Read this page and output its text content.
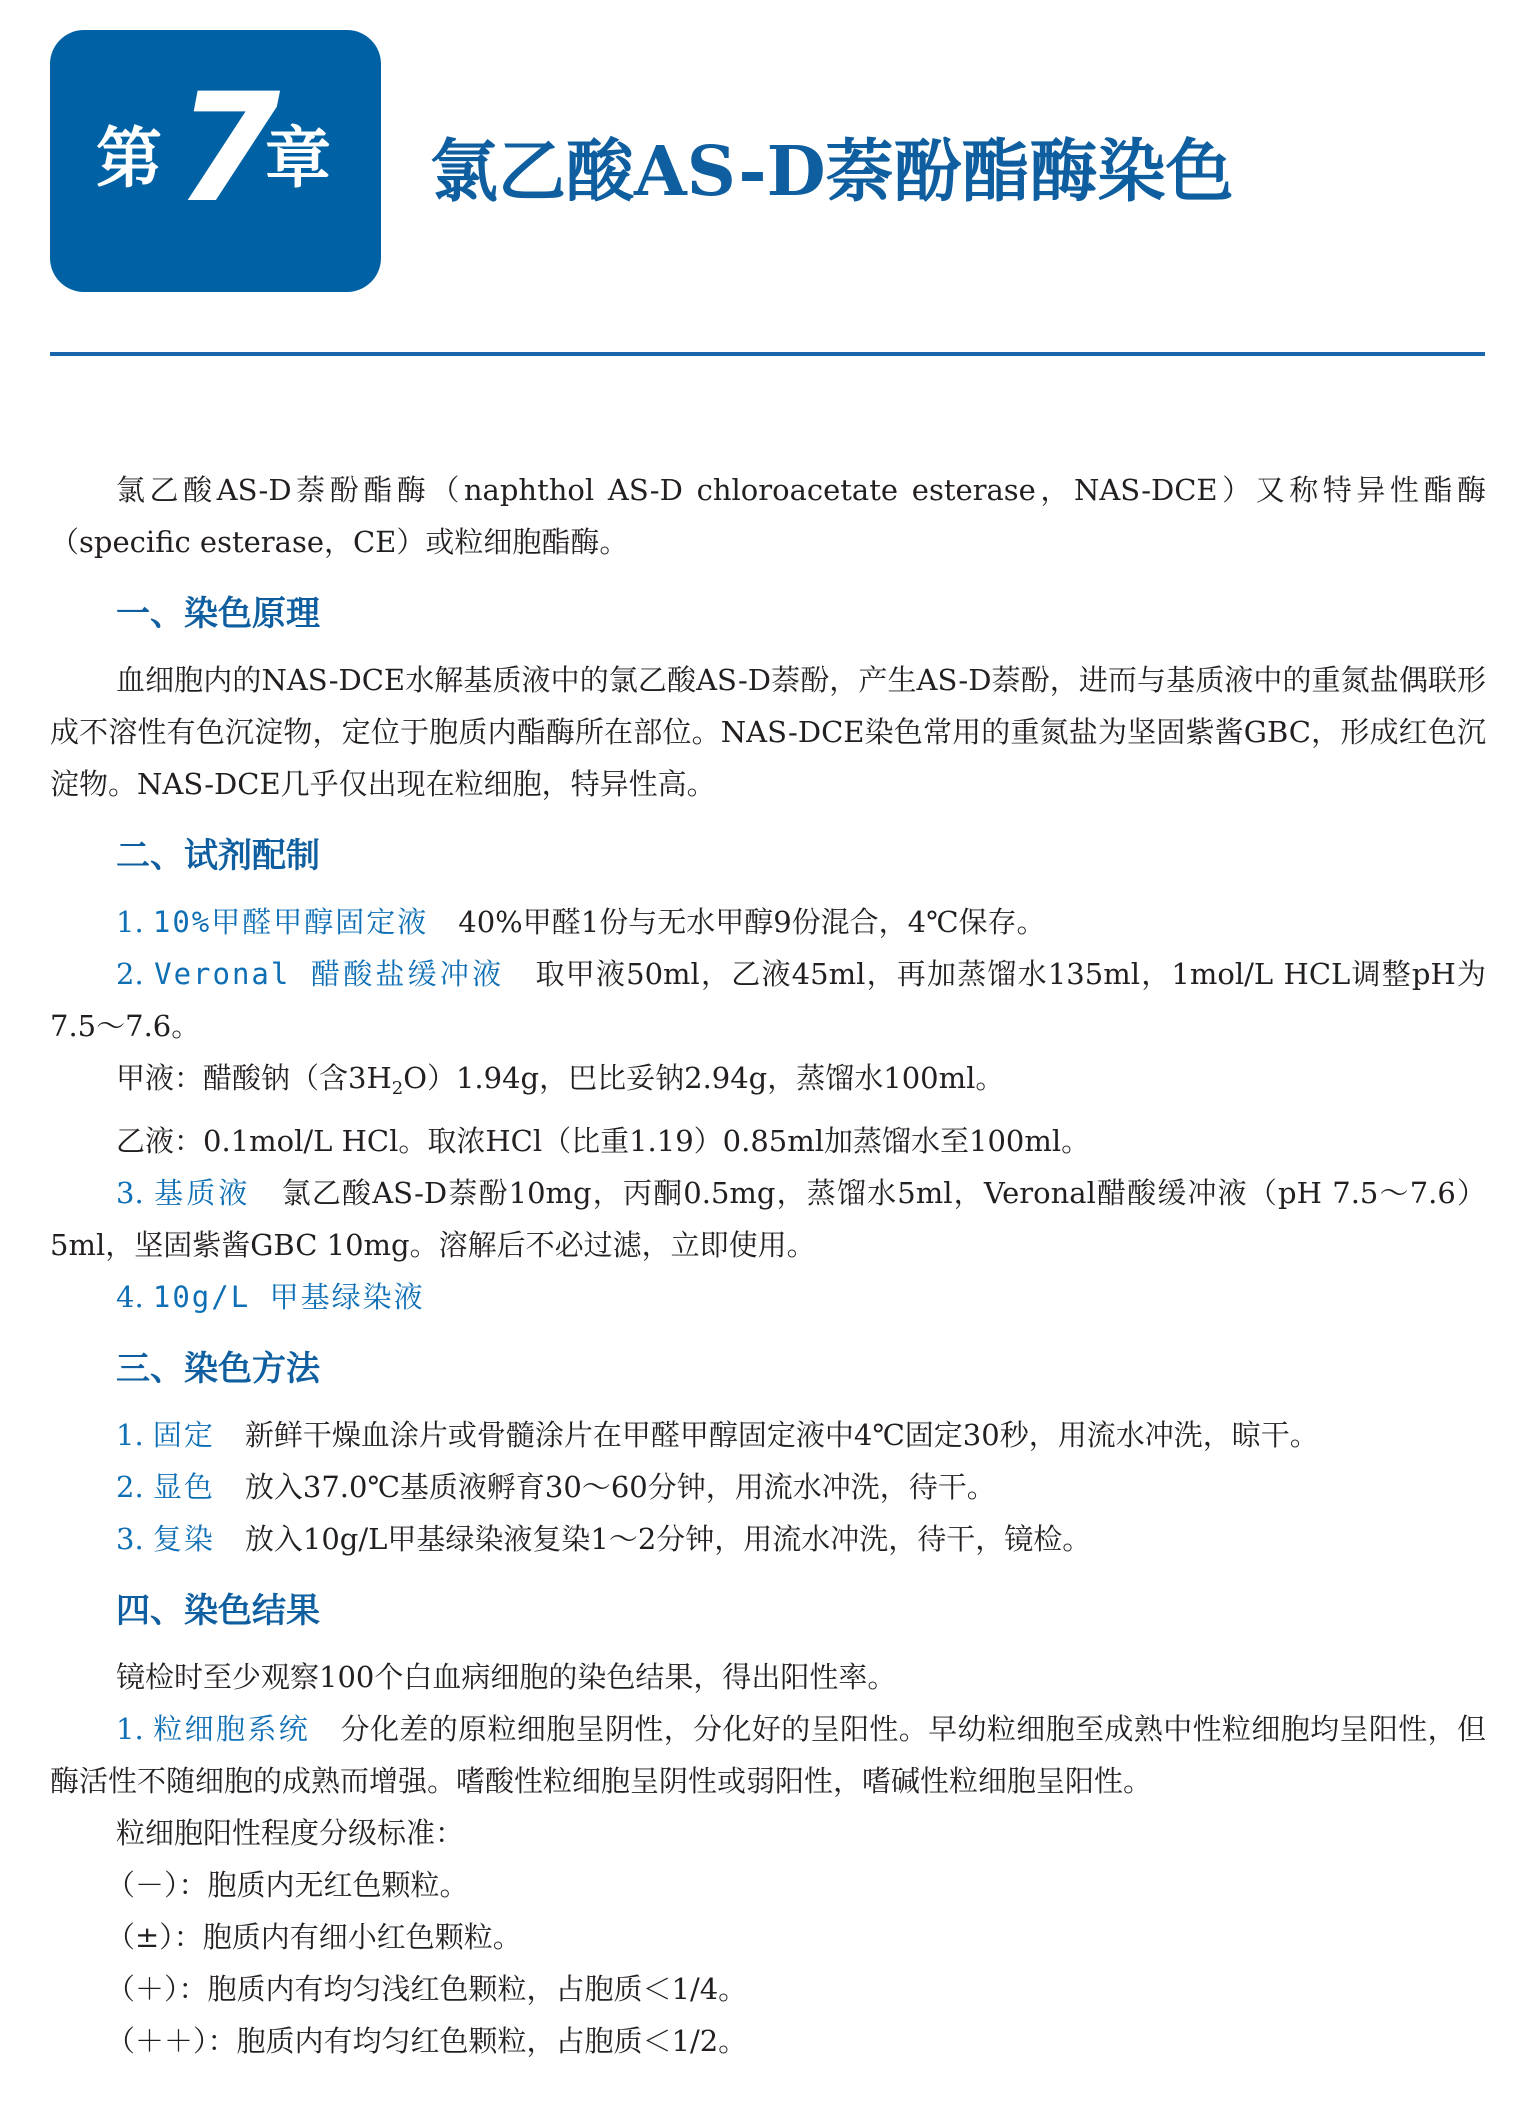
第 7
章 氯乙酸AS-D萘酚酯酶染色

氯乙酸AS-D萘酚酯酶（naphthol AS-D chloroacetate esterase，NAS-DCE）又称特异性酯酶（specific esterase，CE）或粒细胞酯酶。

一、染色原理

血细胞内的NAS-DCE水解基质液中的氯乙酸AS-D萘酚，产生AS-D萘酚，进而与基质液中的重氮盐偶联形成不溶性有色沉淀物，定位于胞质内酯酶所在部位。NAS-DCE染色常用的重氮盐为坚固紫酱GBC，形成红色沉淀物。NAS-DCE几乎仅出现在粒细胞，特异性高。

二、试剂配制

1. 10%甲醛甲醇固定液 40%甲醛1份与无水甲醇9份混合，4℃保存。

2. Veronal 醋酸盐缓冲液 取甲液50ml，乙液45ml，再加蒸馏水135ml，1mol/L HCL调整pH为7.5～7.6。

甲液：醋酸钠（含$3H_2O)1.94g$，巴比妥钠2.94g，蒸馏水100ml。

乙液：0.1mol/L HCl。取浓HCl（比重1.19）0.85ml加蒸馏水至100ml。

3. 基质液 氯乙酸AS-D萘酚10mg，丙酮0.5mg，蒸馏水5ml，Veronal醋酸缓冲液（pH 7.5～7.6）5ml，坚固紫酱GBC 10mg。溶解后不必过滤，立即使用。

4. 10g/L 甲基绿染液

三、染色方法

1. 固定 新鲜干燥血涂片或骨髓涂片在甲醛甲醇固定液中4℃固定30秒，用流水冲洗，晾干。

2. 显色 放入37.0℃基质液孵育30～60分钟，用流水冲洗，待干。

3. 复染 放入10g/L甲基绿染液复染1～2分钟，用流水冲洗，待干，镜检。

四、染色结果

镜检时至少观察100个白血病细胞的染色结果，得出阳性率。

1. 粒细胞系统 分化差的原粒细胞呈阴性，分化好的呈阳性。早幼粒细胞至成熟中性粒细胞均呈阳性，但酶活性不随细胞的成熟而增强。嗜酸性粒细胞呈阴性或弱阳性，嗜碱性粒细胞呈阳性。

粒细胞阳性程度分级标准：

（－）：胞质内无红色颗粒。

（±）：胞质内有细小红色颗粒。

（＋）：胞质内有均匀浅红色颗粒，占胞质＜1/4。

（＋＋）：胞质内有均匀红色颗粒，占胞质＜1/2。
